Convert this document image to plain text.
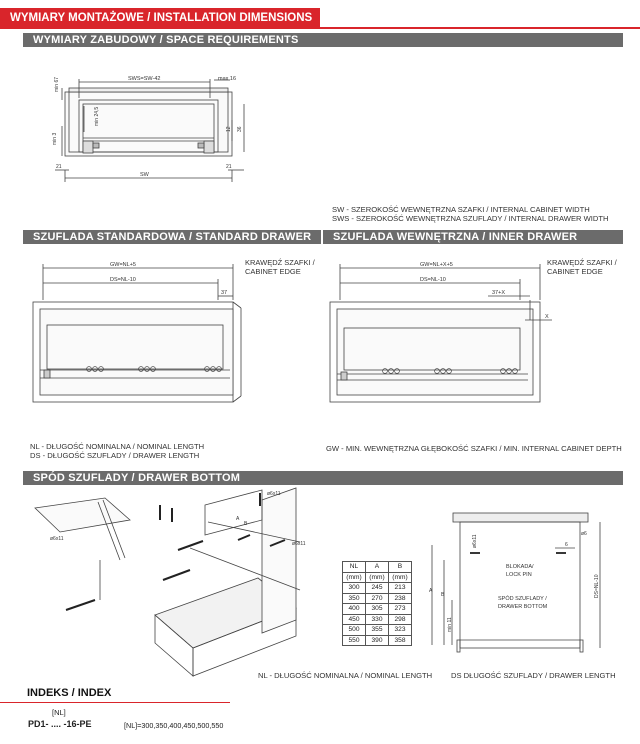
WYMIARY MONTAŻOWE / INSTALLATION DIMENSIONS
WYMIARY ZABUDOWY / SPACE REQUIREMENTS
SWS=SW-42	max 16
min 67
min 24,5
min 3
12 36
21	21
SW
SW - SZEROKOŚĆ WEWNĘTRZNA SZAFKI / INTERNAL CABINET WIDTH
SWS - SZEROKOŚĆ WEWNĘTRZNA SZUFLADY / INTERNAL DRAWER WIDTH
SZUFLADA STANDARDOWA / STANDARD DRAWER	SZUFLADA WEWNĘTRZNA / INNER DRAWER
GW=NL+5
DS=NL-10
37
KRAWĘDŹ SZAFKI /
CABINET EDGE
GW=NL+X+5
DS=NL-10
37+X
X
KRAWĘDŹ SZAFKI /
CABINET EDGE
NL - DŁUGOŚĆ NOMINALNA / NOMINAL LENGTH
DS - DŁUGOŚĆ SZUFLADY / DRAWER LENGTH
GW - MIN. WEWNĘTRZNA GŁĘBOKOŚĆ SZAFKI / MIN. INTERNAL CABINET DEPTH
SPÓD SZUFLADY / DRAWER BOTTOM
ø6x11
ø6x11
ø6x11
A
B
NL	A	B
(mm)	(mm)	(mm)
300	245	213
350	270	238
400	305	273
450	330	298
500	355	323
550	390	358
ø6x11
ø6
6
BLOKADA/
LOCK PIN
SPÓD SZUFLADY /
DRAWER BOTTOM
A
B
min 11
DS=NL-10
NL - DŁUGOŚĆ NOMINALNA / NOMINAL LENGTH DS DŁUGOŚĆ SZUFLADY / DRAWER LENGTH
INDEKS / INDEX
[NL]
PD1- .... -16-PE	[NL]=300,350,400,450,500,550
